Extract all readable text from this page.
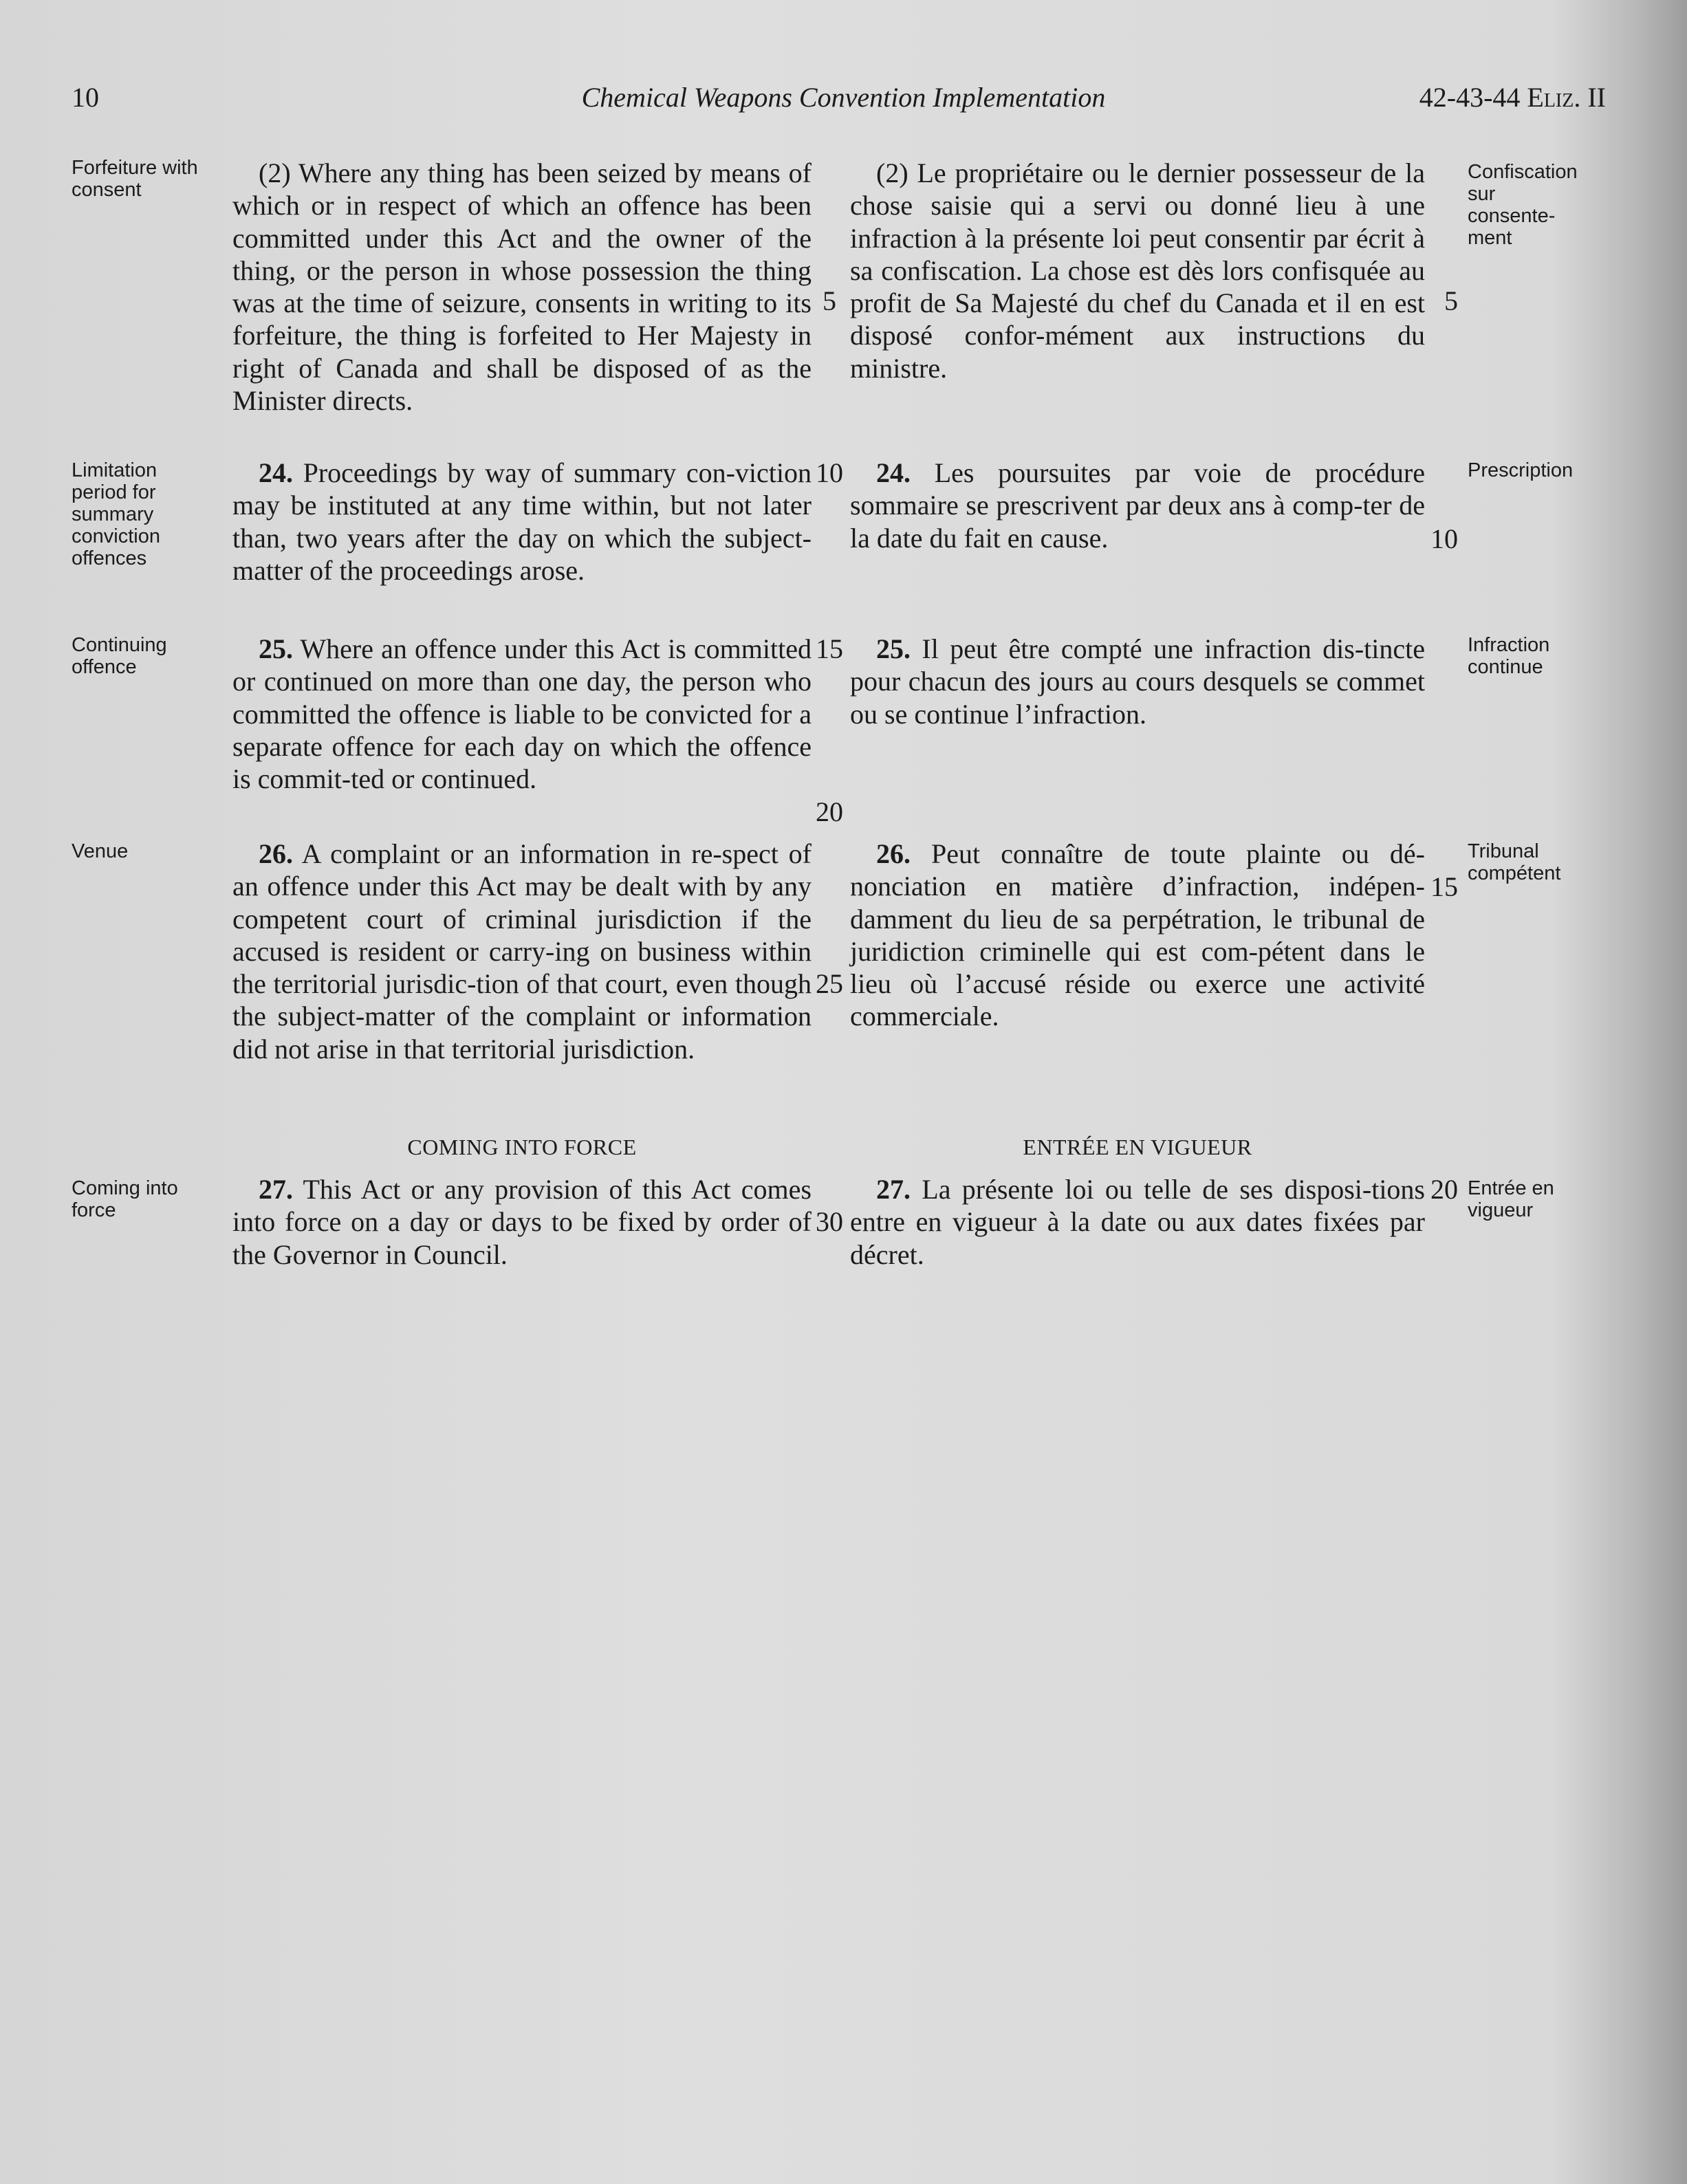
10	Chemical Weapons Convention Implementation	42-43-44 Eliz. II
Forfeiture with consent

(2) Where any thing has been seized by means of which or in respect of which an offence has been committed under this Act and the owner of the thing, or the person in whose possession the thing was at the time of seizure, consents in writing to its forfeiture, the thing is forfeited to Her Majesty in right of Canada and shall be disposed of as the Minister directs.

(2) Le propriétaire ou le dernier possesseur de la chose saisie qui a servi ou donné lieu à une infraction à la présente loi peut consentir par écrit à sa confiscation. La chose est dès lors confisquée au profit de Sa Majesté du chef du Canada et il en est disposé confor-mément aux instructions du ministre.

Confiscation sur consente-ment
Limitation period for summary conviction offences

24. Proceedings by way of summary con-viction may be instituted at any time within, but not later than, two years after the day on which the subject-matter of the proceedings arose.

24. Les poursuites par voie de procédure sommaire se prescrivent par deux ans à comp-ter de la date du fait en cause.

Prescription
Continuing offence

25. Where an offence under this Act is committed or continued on more than one day, the person who committed the offence is liable to be convicted for a separate offence for each day on which the offence is commit-ted or continued.

25. Il peut être compté une infraction dis-tincte pour chacun des jours au cours desquels se commet ou se continue l’infraction.

Infraction continue
Venue	26. A complaint or an information in re-spect of an offence under this Act may be dealt with by any competent court of criminal jurisdiction if the accused is resident or carry-ing on business within the territorial jurisdic-tion of that court, even though the subject-matter of the complaint or information did not arise in that territorial jurisdiction.

26. Peut connaître de toute plainte ou dé-nonciation en matière d’infraction, indépen-damment du lieu de sa perpétration, le tribunal de juridiction criminelle qui est com-pétent dans le lieu où l’accusé réside ou exerce une activité commerciale.

Tribunal compétent
COMING INTO FORCE	ENTRÉE EN VIGUEUR
Coming into force

27. This Act or any provision of this Act comes into force on a day or days to be fixed by order of the Governor in Council.

27. La présente loi ou telle de ses disposi-tions entre en vigueur à la date ou aux dates fixées par décret.

Entrée en vigueur
5
10
15
20
25
30
5
10
15
20
